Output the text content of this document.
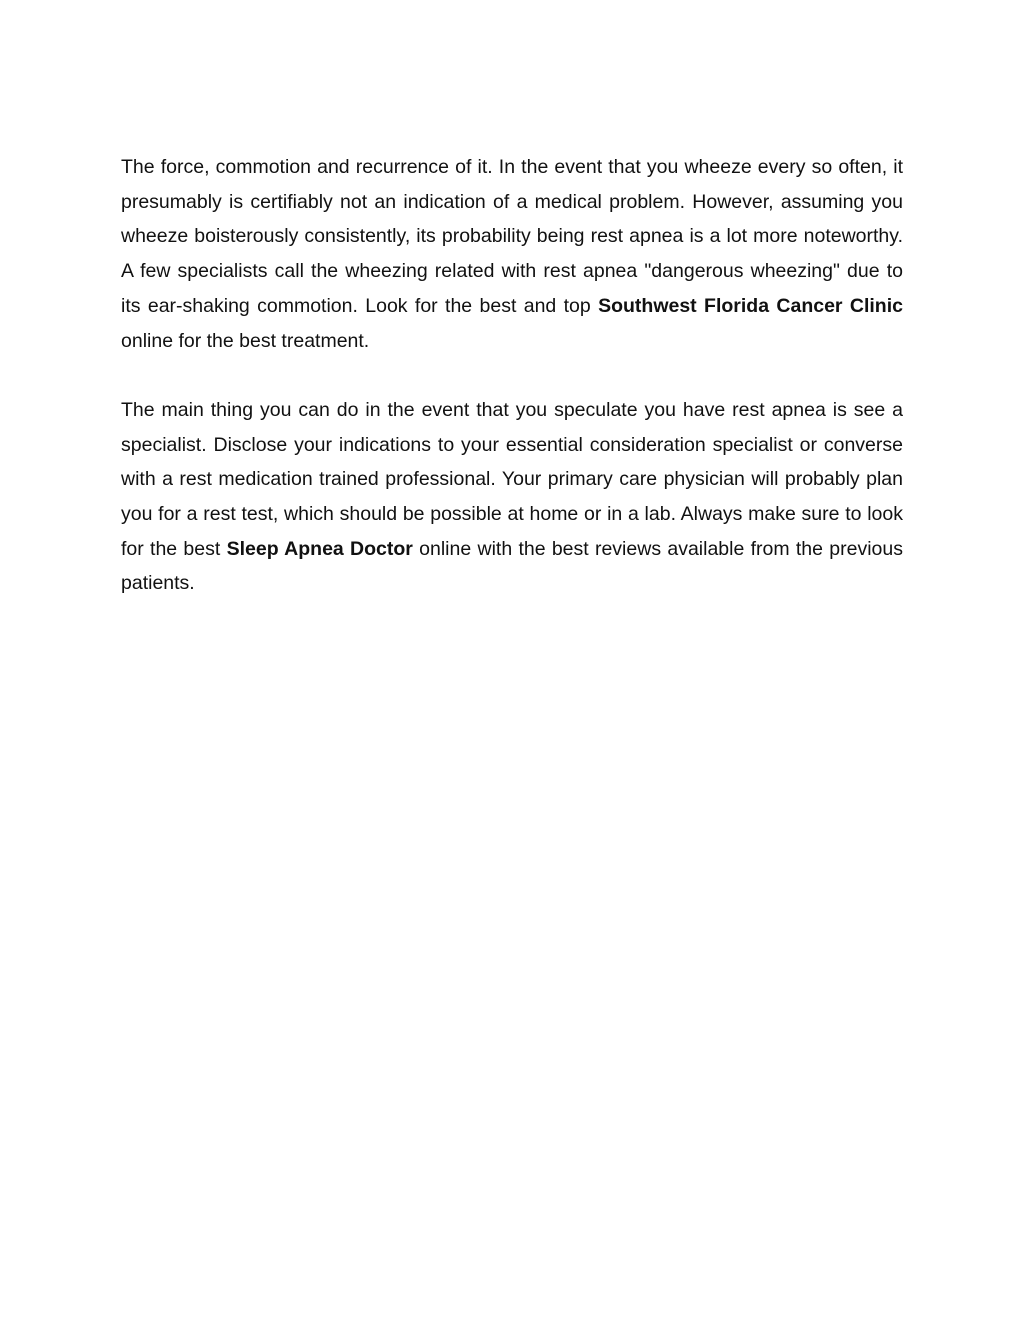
The force, commotion and recurrence of it. In the event that you wheeze every so often, it presumably is certifiably not an indication of a medical problem. However, assuming you wheeze boisterously consistently, its probability being rest apnea is a lot more noteworthy. A few specialists call the wheezing related with rest apnea "dangerous wheezing" due to its ear-shaking commotion. Look for the best and top Southwest Florida Cancer Clinic online for the best treatment.

The main thing you can do in the event that you speculate you have rest apnea is see a specialist. Disclose your indications to your essential consideration specialist or converse with a rest medication trained professional. Your primary care physician will probably plan you for a rest test, which should be possible at home or in a lab. Always make sure to look for the best Sleep Apnea Doctor online with the best reviews available from the previous patients.
